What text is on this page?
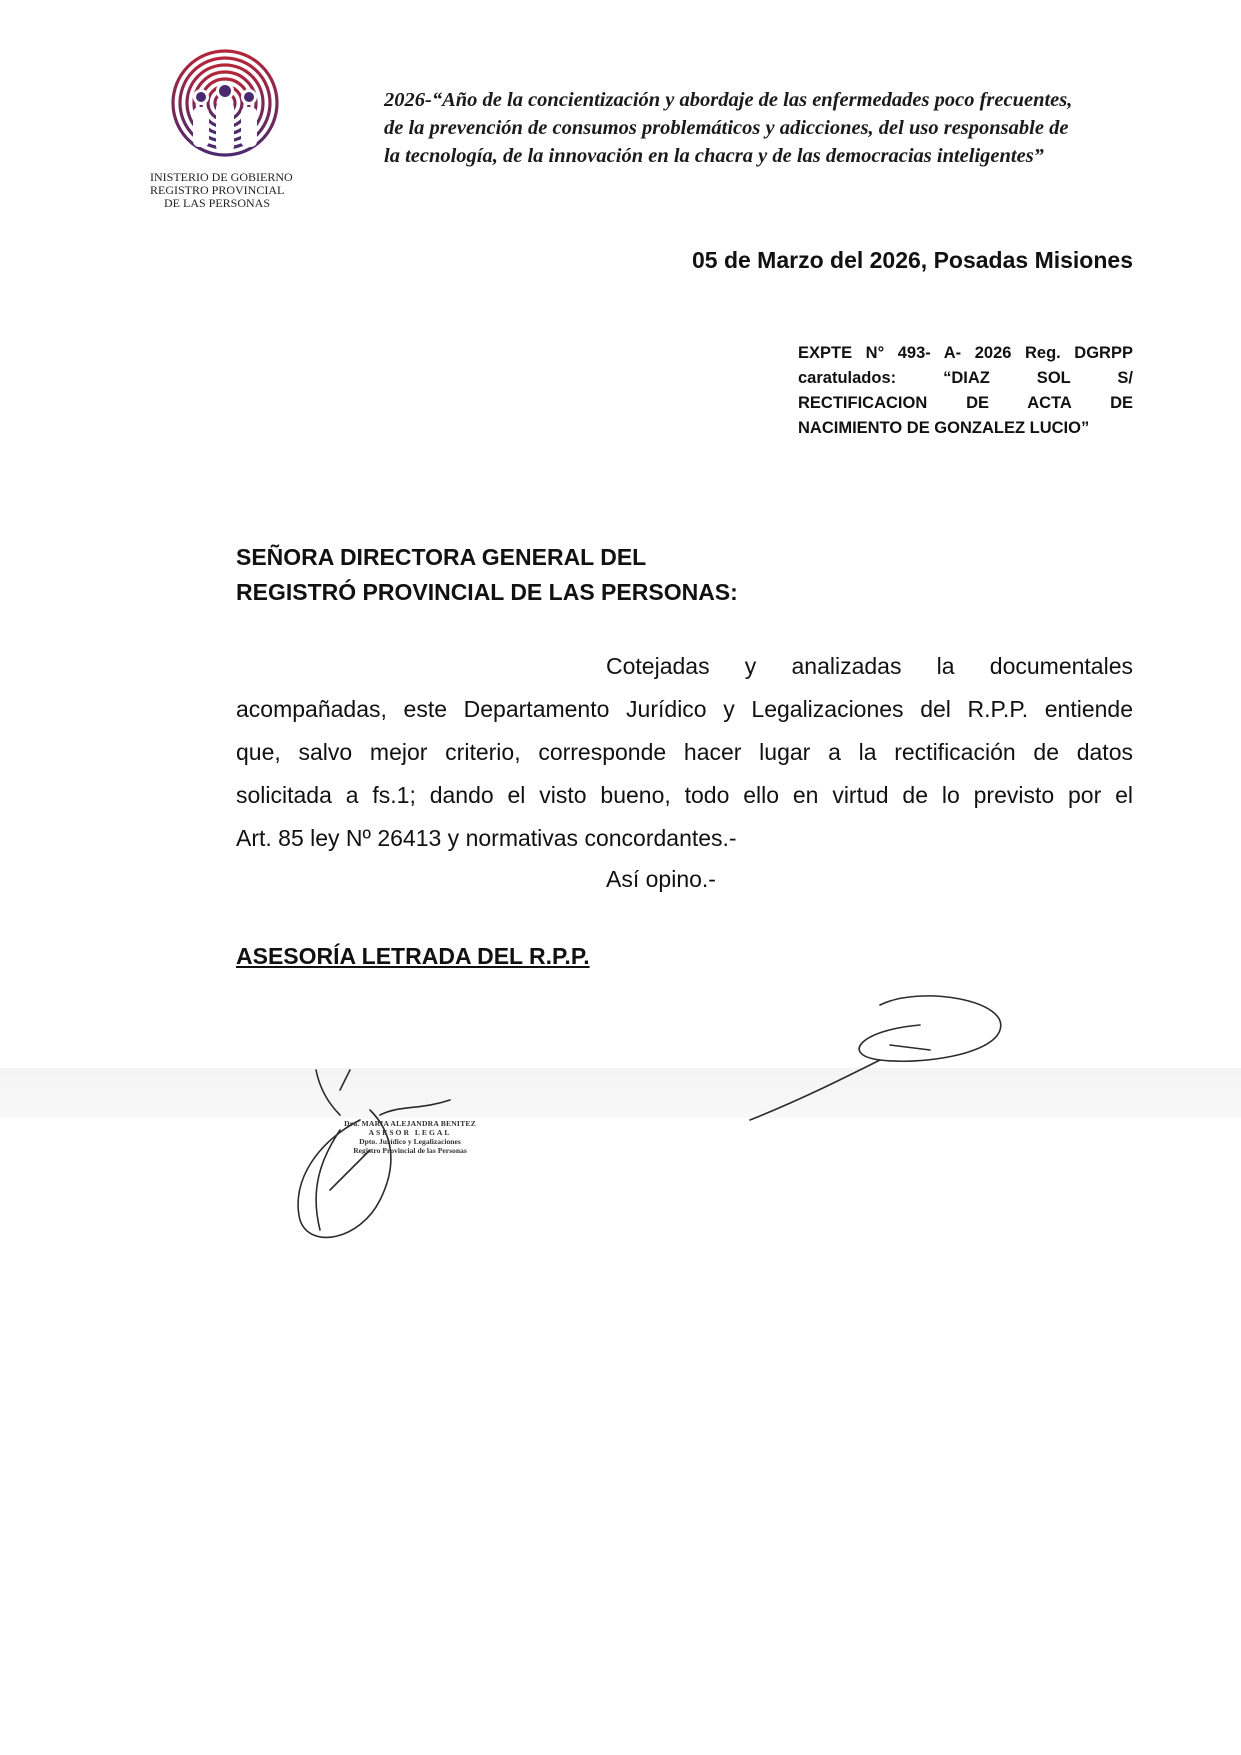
INISTERIO DE GOBIERNO
REGISTRO PROVINCIAL
DE LAS PERSONAS
2026-“Año de la concientización y abordaje de las enfermedades poco frecuentes,
de la prevención de consumos problemáticos y adicciones, del uso responsable de
la tecnología, de la innovación en la chacra y de las democracias inteligentes”
05 de Marzo del 2026, Posadas Misiones
EXPTE N° 493- A- 2026 Reg. DGRPP
caratulados: “DIAZ SOL S/
RECTIFICACION DE ACTA DE
NACIMIENTO DE GONZALEZ LUCIO”
SEÑORA DIRECTORA GENERAL DEL
REGISTRÓ PROVINCIAL DE LAS PERSONAS:
Cotejadas y analizadas la documentales
acompañadas, este Departamento Jurídico y Legalizaciones del R.P.P. entiende
que, salvo mejor criterio, corresponde hacer lugar a la rectificación de datos
solicitada a fs.1; dando el visto bueno, todo ello en virtud de lo previsto por el
Art. 85 ley Nº 26413 y normativas concordantes.-
Así opino.-
ASESORÍA LETRADA DEL R.P.P.
Dra. MARIA ALEJANDRA BENITEZ
ASESOR LEGAL
Dpto. Jurídico y Legalizaciones
Registro Provincial de las Personas
